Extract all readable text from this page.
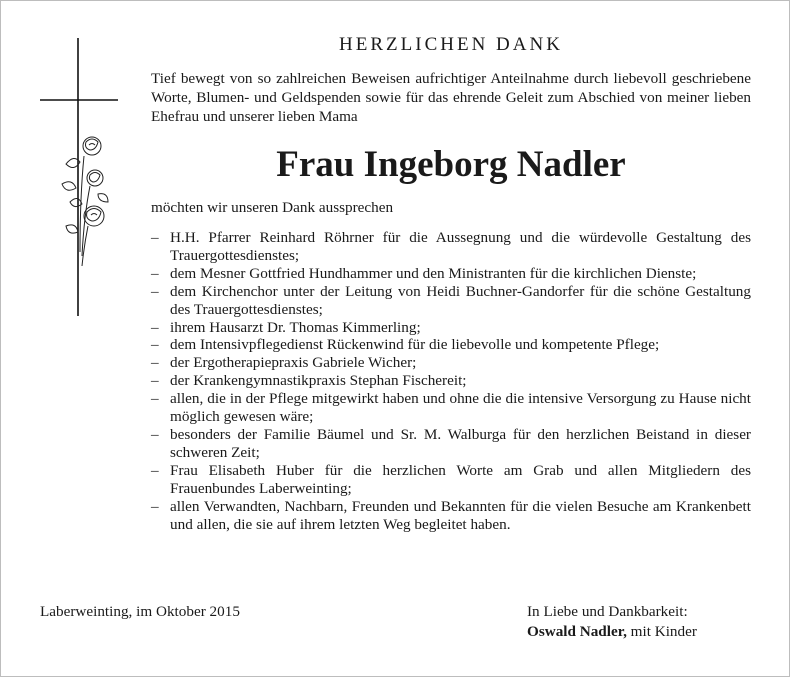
HERZLICHEN DANK
Tief bewegt von so zahlreichen Beweisen aufrichtiger Anteilnahme durch liebevoll geschriebene Worte, Blumen- und Geldspenden sowie für das ehrende Geleit zum Abschied von meiner lieben Ehefrau und unserer lieben Mama
Frau Ingeborg Nadler
möchten wir unseren Dank aussprechen
– H.H. Pfarrer Reinhard Röhrner für die Aussegnung und die würdevolle Gestaltung des Trauergottesdienstes;
– dem Mesner Gottfried Hundhammer und den Ministranten für die kirchlichen Dienste;
– dem Kirchenchor unter der Leitung von Heidi Buchner-Gandorfer für die schöne Gestaltung des Trauergottesdienstes;
– ihrem Hausarzt Dr. Thomas Kimmerling;
– dem Intensivpflegedienst Rückenwind für die liebevolle und kompetente Pflege;
– der Ergotherapiepraxis Gabriele Wicher;
– der Krankengymnastikpraxis Stephan Fischereit;
– allen, die in der Pflege mitgewirkt haben und ohne die die intensive Versorgung zu Hause nicht möglich gewesen wäre;
– besonders der Familie Bäumel und Sr. M. Walburga für den herzlichen Beistand in dieser schweren Zeit;
– Frau Elisabeth Huber für die herzlichen Worte am Grab und allen Mitgliedern des Frauenbundes Laberweinting;
– allen Verwandten, Nachbarn, Freunden und Bekannten für die vielen Besuche am Krankenbett und allen, die sie auf ihrem letzten Weg begleitet haben.
Laberweinting, im Oktober 2015	In Liebe und Dankbarkeit:
Oswald Nadler, mit Kinder
